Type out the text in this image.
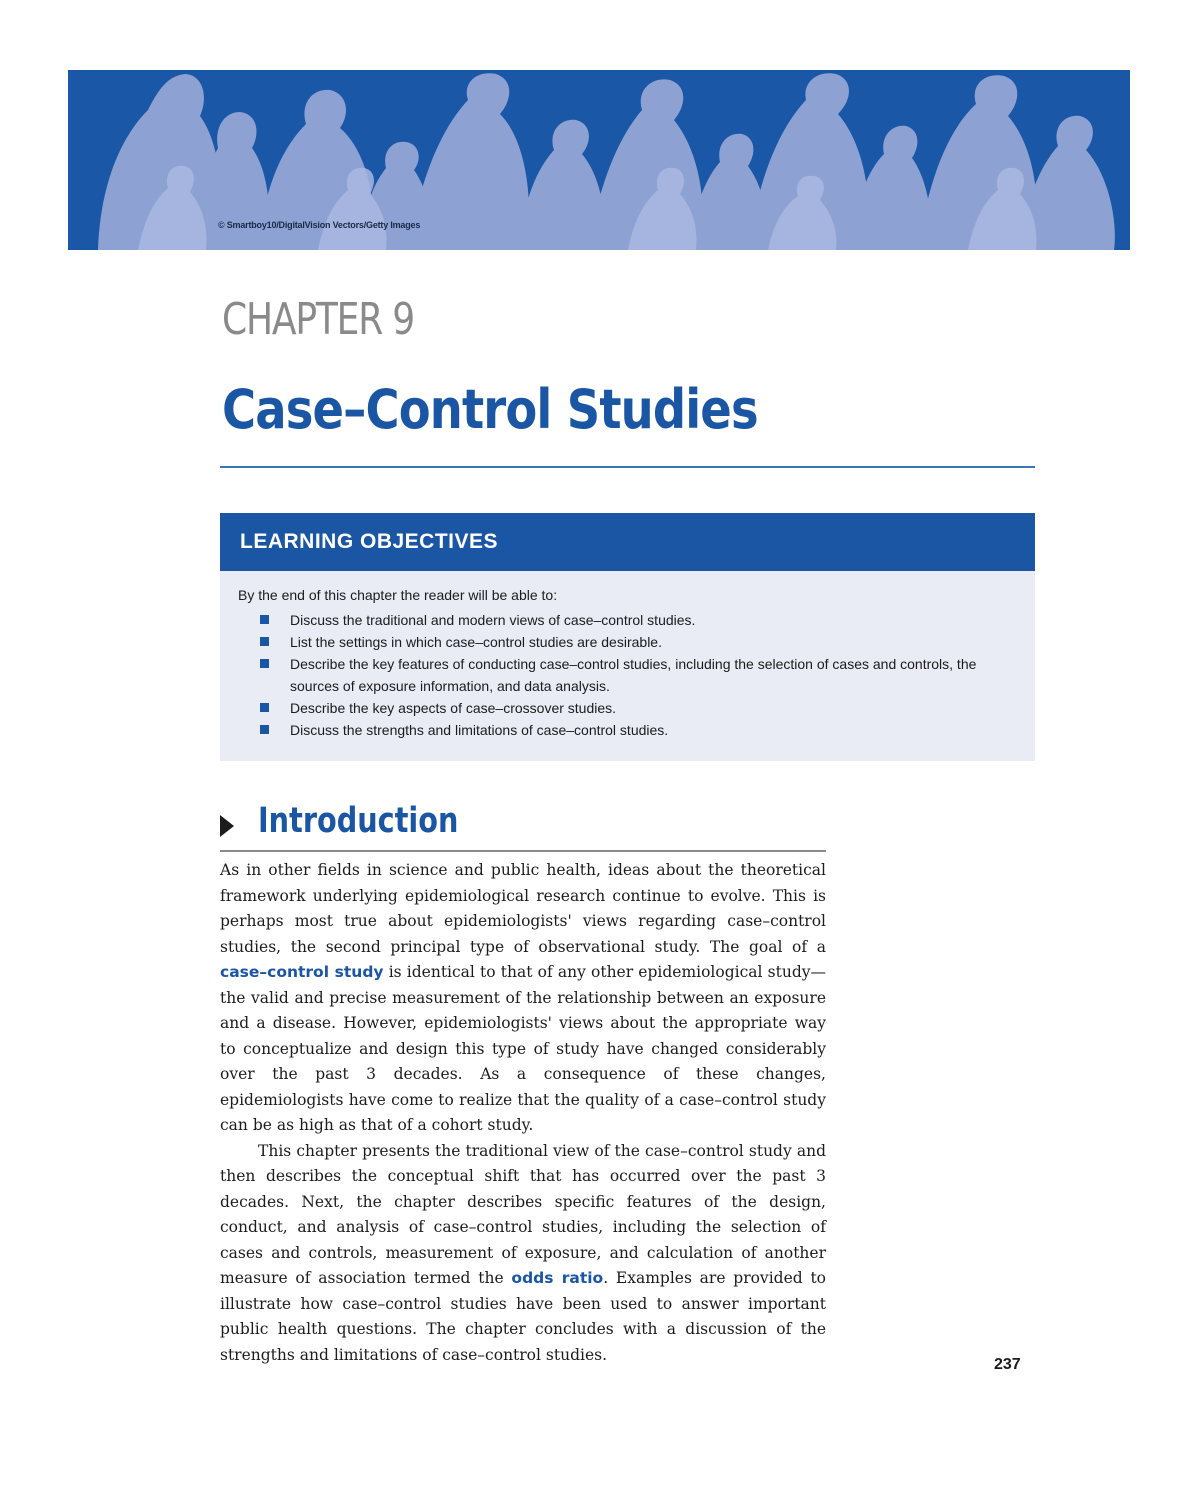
© Smartboy10/DigitalVision Vectors/Getty Images
CHAPTER 9
Case–Control Studies
LEARNING OBJECTIVES

By the end of this chapter the reader will be able to:

Discuss the traditional and modern views of case–control studies.
List the settings in which case–control studies are desirable.
Describe the key features of conducting case–control studies, including the selection of cases and controls, the sources of exposure information, and data analysis.
Describe the key aspects of case–crossover studies.
Discuss the strengths and limitations of case–control studies.
Introduction

As in other fields in science and public health, ideas about the theoretical framework underlying epidemiological research continue to evolve. This is perhaps most true about epidemiologists' views regarding case–control studies, the second principal type of observational study. The goal of a case–control study is identical to that of any other epidemiological study—the valid and precise measurement of the relationship between an exposure and a disease. However, epidemiologists' views about the appropriate way to conceptualize and design this type of study have changed considerably over the past 3 decades. As a consequence of these changes, epidemiologists have come to realize that the quality of a case–control study can be as high as that of a cohort study.

This chapter presents the traditional view of the case–control study and then describes the conceptual shift that has occurred over the past 3 decades. Next, the chapter describes specific features of the design, conduct, and analysis of case–control studies, including the selection of cases and controls, measurement of exposure, and calculation of another measure of association termed the odds ratio. Examples are provided to illustrate how case–control studies have been used to answer important public health questions. The chapter concludes with a discussion of the strengths and limitations of case–control studies.

237
